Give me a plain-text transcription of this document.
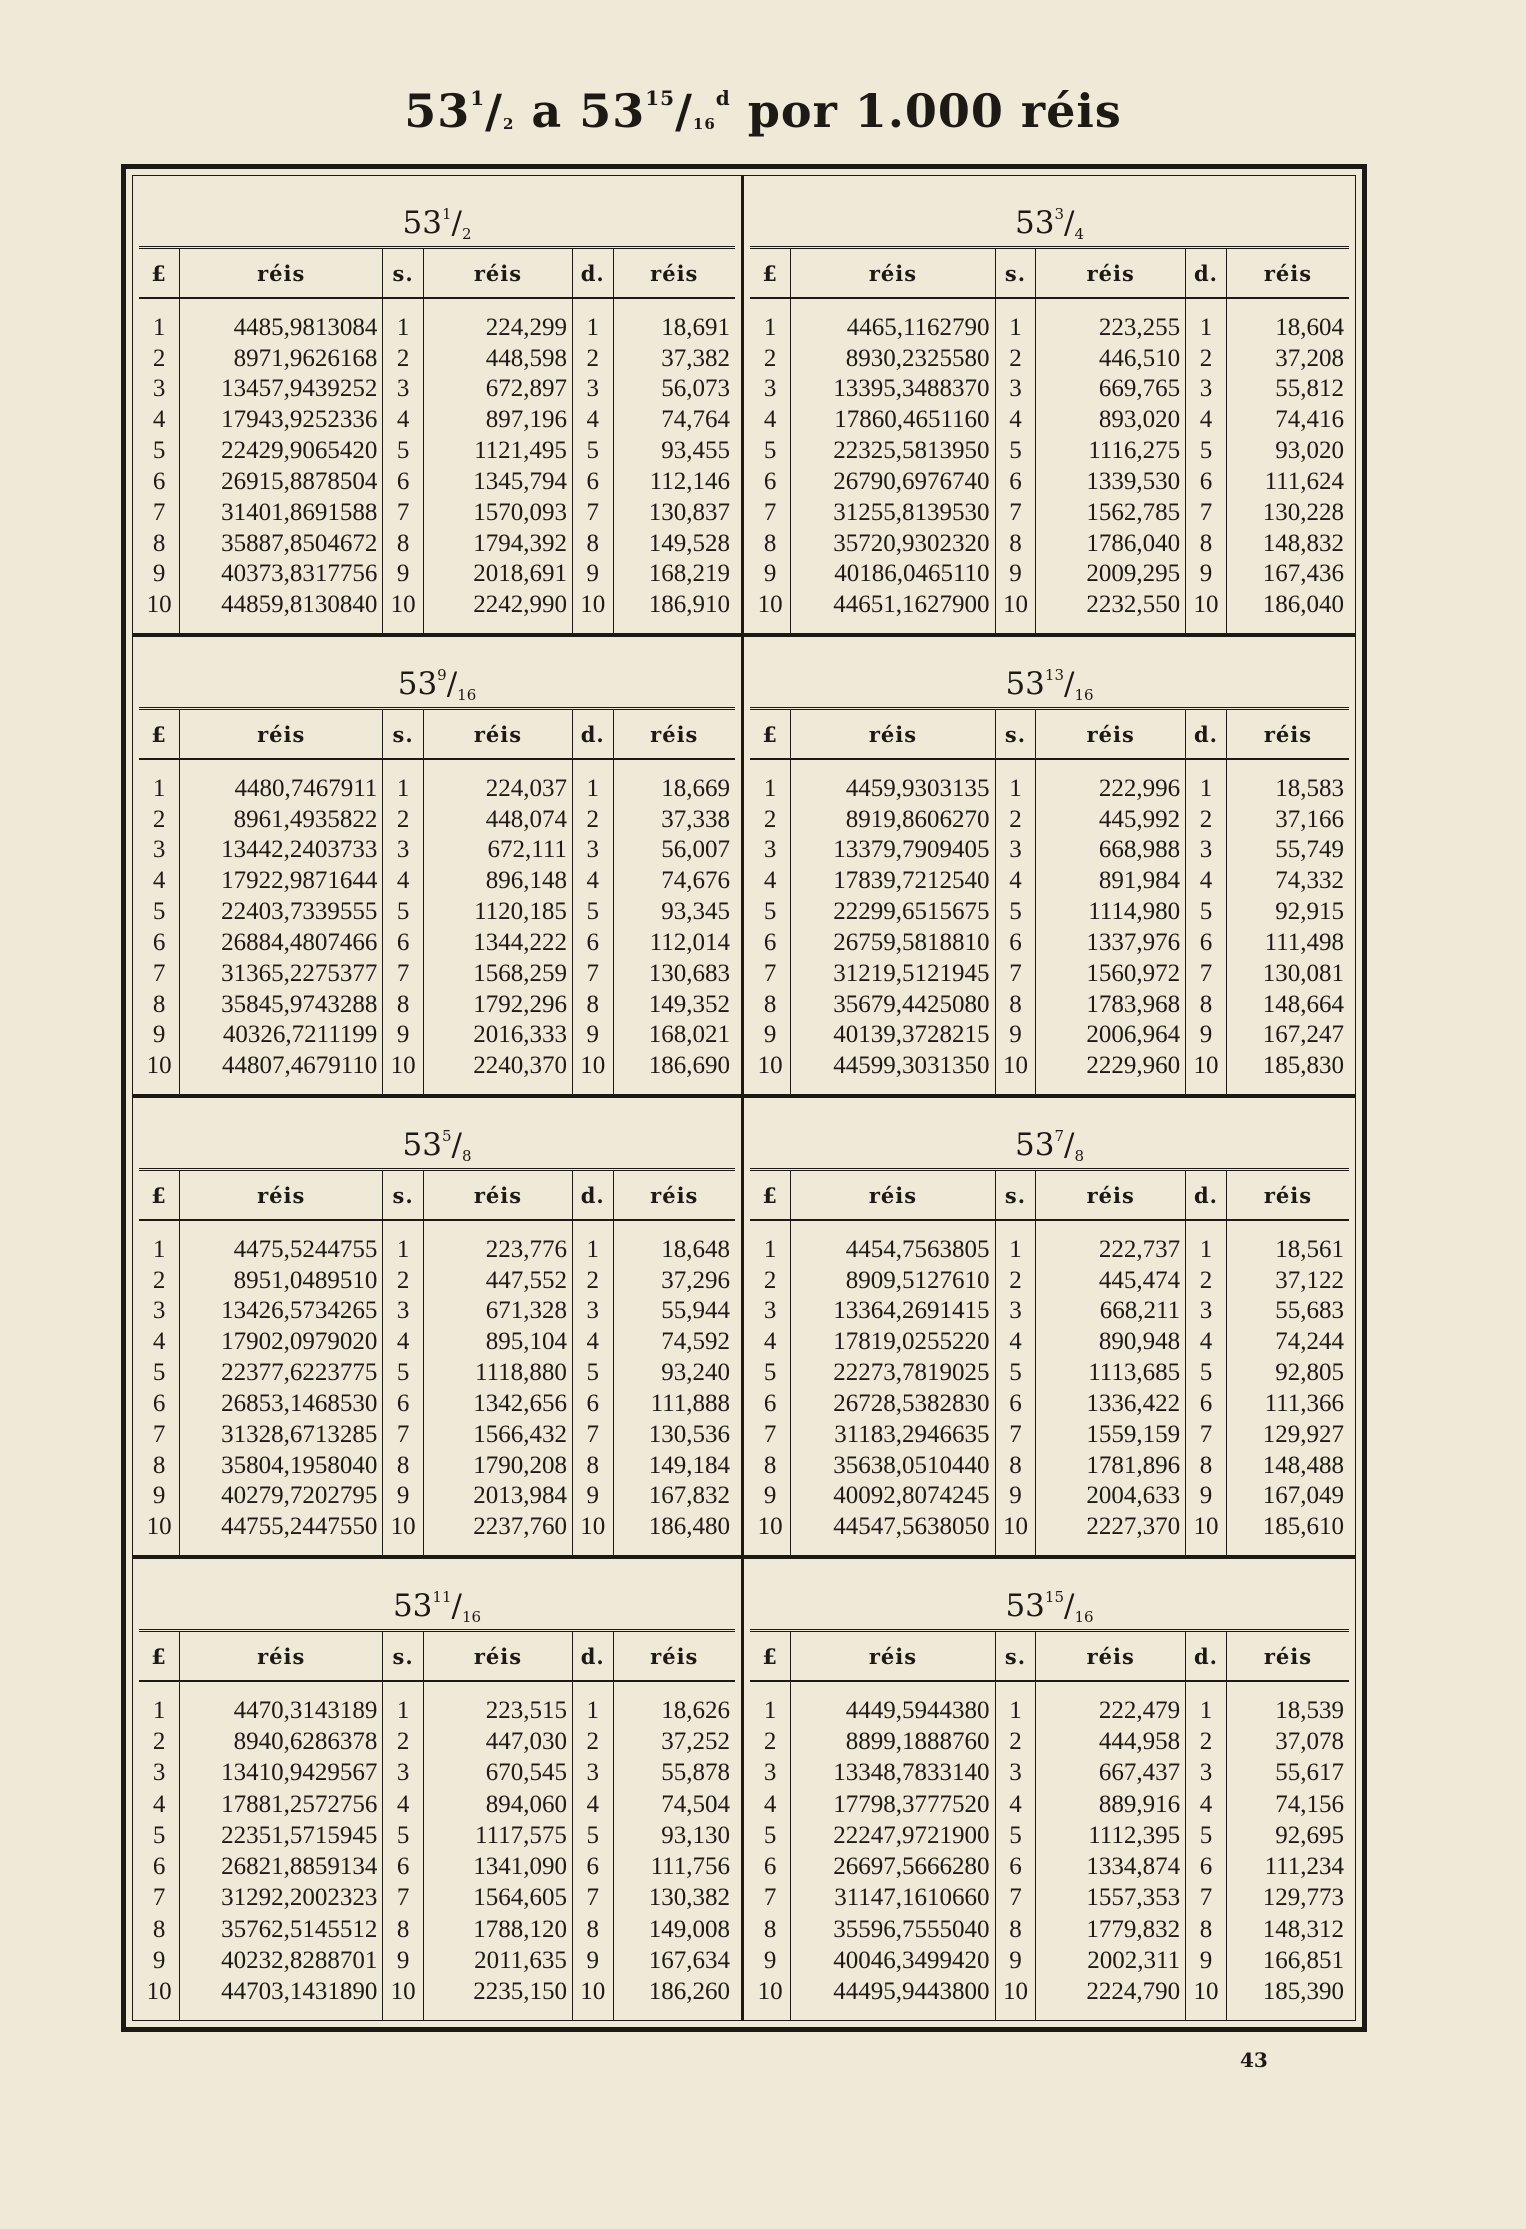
$53^1/_2$ a $53^{15}/_{16}^d$ por 1.000 réis
$53^1/_2$
£	réis	s.	réis	d.	réis

1	4485,9813084	1	224,299	1	18,691
2	8971,9626168	2	448,598	2	37,382
3	13457,9439252	3	672,897	3	56,073
4	17943,9252336	4	897,196	4	74,764
5	22429,9065420	5	1121,495	5	93,455
6	26915,8878504	6	1345,794	6	112,146
7	31401,8691588	7	1570,093	7	130,837
8	35887,8504672	8	1794,392	8	149,528
9	40373,8317756	9	2018,691	9	168,219
10	44859,8130840	10	2242,990	10	186,910

$53^3/_4$
£	réis	s.	réis	d.	réis

1	4465,1162790	1	223,255	1	18,604
2	8930,2325580	2	446,510	2	37,208
3	13395,3488370	3	669,765	3	55,812
4	17860,4651160	4	893,020	4	74,416
5	22325,5813950	5	1116,275	5	93,020
6	26790,6976740	6	1339,530	6	111,624
7	31255,8139530	7	1562,785	7	130,228
8	35720,9302320	8	1786,040	8	148,832
9	40186,0465110	9	2009,295	9	167,436
10	44651,1627900	10	2232,550	10	186,040

$53^9/_{16}$
£	réis	s.	réis	d.	réis

1	4480,7467911	1	224,037	1	18,669
2	8961,4935822	2	448,074	2	37,338
3	13442,2403733	3	672,111	3	56,007
4	17922,9871644	4	896,148	4	74,676
5	22403,7339555	5	1120,185	5	93,345
6	26884,4807466	6	1344,222	6	112,014
7	31365,2275377	7	1568,259	7	130,683
8	35845,9743288	8	1792,296	8	149,352
9	40326,7211199	9	2016,333	9	168,021
10	44807,4679110	10	2240,370	10	186,690

$53^{13}/_{16}$
£	réis	s.	réis	d.	réis

1	4459,9303135	1	222,996	1	18,583
2	8919,8606270	2	445,992	2	37,166
3	13379,7909405	3	668,988	3	55,749
4	17839,7212540	4	891,984	4	74,332
5	22299,6515675	5	1114,980	5	92,915
6	26759,5818810	6	1337,976	6	111,498
7	31219,5121945	7	1560,972	7	130,081
8	35679,4425080	8	1783,968	8	148,664
9	40139,3728215	9	2006,964	9	167,247
10	44599,3031350	10	2229,960	10	185,830

$53^5/_8$
£	réis	s.	réis	d.	réis

1	4475,5244755	1	223,776	1	18,648
2	8951,0489510	2	447,552	2	37,296
3	13426,5734265	3	671,328	3	55,944
4	17902,0979020	4	895,104	4	74,592
5	22377,6223775	5	1118,880	5	93,240
6	26853,1468530	6	1342,656	6	111,888
7	31328,6713285	7	1566,432	7	130,536
8	35804,1958040	8	1790,208	8	149,184
9	40279,7202795	9	2013,984	9	167,832
10	44755,2447550	10	2237,760	10	186,480

$53^7/_8$
£	réis	s.	réis	d.	réis

1	4454,7563805	1	222,737	1	18,561
2	8909,5127610	2	445,474	2	37,122
3	13364,2691415	3	668,211	3	55,683
4	17819,0255220	4	890,948	4	74,244
5	22273,7819025	5	1113,685	5	92,805
6	26728,5382830	6	1336,422	6	111,366
7	31183,2946635	7	1559,159	7	129,927
8	35638,0510440	8	1781,896	8	148,488
9	40092,8074245	9	2004,633	9	167,049
10	44547,5638050	10	2227,370	10	185,610

$53^{11}/_{16}$
£	réis	s.	réis	d.	réis

1	4470,3143189	1	223,515	1	18,626
2	8940,6286378	2	447,030	2	37,252
3	13410,9429567	3	670,545	3	55,878
4	17881,2572756	4	894,060	4	74,504
5	22351,5715945	5	1117,575	5	93,130
6	26821,8859134	6	1341,090	6	111,756
7	31292,2002323	7	1564,605	7	130,382
8	35762,5145512	8	1788,120	8	149,008
9	40232,8288701	9	2011,635	9	167,634
10	44703,1431890	10	2235,150	10	186,260

$53^{15}/_{16}$
£	réis	s.	réis	d.	réis

1	4449,5944380	1	222,479	1	18,539
2	8899,1888760	2	444,958	2	37,078
3	13348,7833140	3	667,437	3	55,617
4	17798,3777520	4	889,916	4	74,156
5	22247,9721900	5	1112,395	5	92,695
6	26697,5666280	6	1334,874	6	111,234
7	31147,1610660	7	1557,353	7	129,773
8	35596,7555040	8	1779,832	8	148,312
9	40046,3499420	9	2002,311	9	166,851
10	44495,9443800	10	2224,790	10	185,390

43
